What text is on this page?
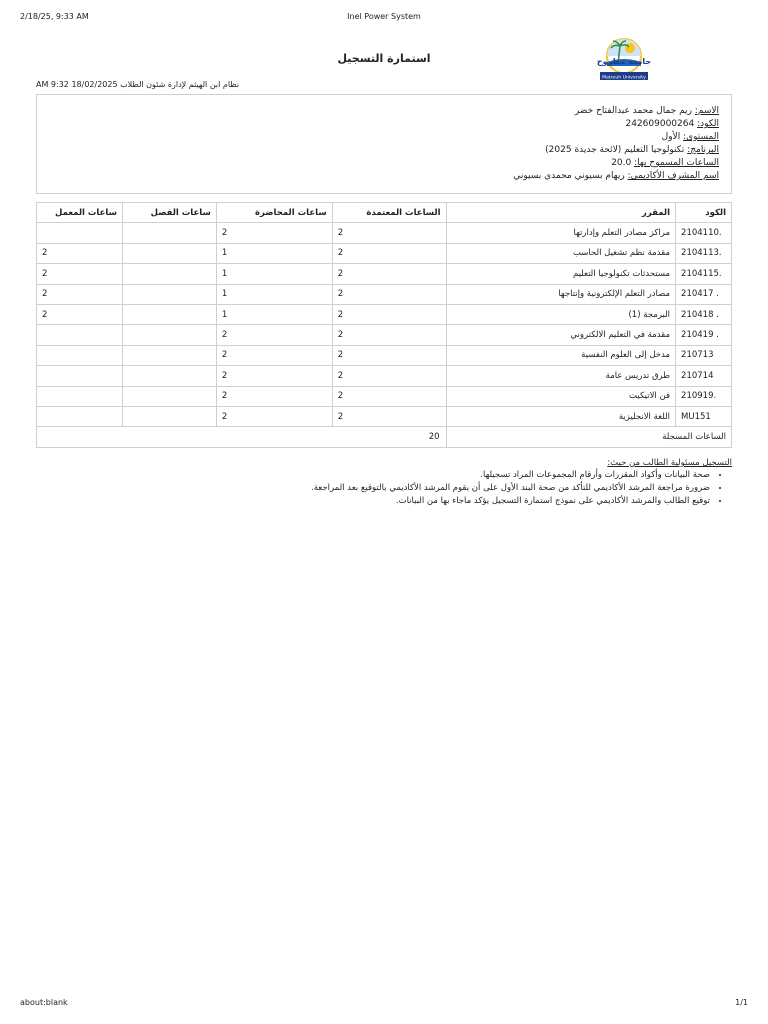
2/18/25, 9:33 AM	Inel Power System
جامعة مطروح
Matrouh University
استمارة التسجيل
نظام ابن الهيثم لإدارة شئون الطلاب 18/02/2025 9:32 AM
الاسم: ريم جمال محمد عبدالفتاح خضر
الكود: 242609000264
المستوى: الأول
البرنامج: تكنولوجيا التعليم (لائحة جديدة 2025)
الساعات المسموح بها: 20.0
اسم المشرف الأكاديمي: ريهام بسيوني محمدي بسيوني
الكود	المقرر	الساعات المعتمدة	ساعات المحاضرة	ساعات الفصل	ساعات المعمل
2104110.	مراكز مصادر التعلم وإدارتها	2	2		
2104113.	مقدمة نظم تشغيل الحاسب	2	1		2
2104115.	مستحدثات تكنولوجيا التعليم	2	1		2
210417 .	مصادر التعلم الإلكترونية وإنتاجها	2	1		2
210418 .	البرمجة (1)	2	1		2
210419 .	مقدمة في التعليم الالكتروني	2	2		
210713	مدخل إلى العلوم النفسية	2	2		
210714	طرق تدريس عامة	2	2		
210919.	فن الاتيكيت	2	2		
MU151	اللغة الانجليزية	2	2		
الساعات المسجلة		20			
التسجيل مسئولية الطالب من حيث:
• صحة البيانات وأكواد المقررات وأرقام المجموعات المراد تسجيلها.
• ضرورة مراجعة المرشد الأكاديمي للتأكد من صحة البند الأول على أن يقوم المرشد الأكاديمي بالتوقيع بعد المراجعة.
• توقيع الطالب والمرشد الأكاديمي على نموذج استمارة التسجيل يؤكد ماجاء بها من البيانات.
about:blank	1/1
